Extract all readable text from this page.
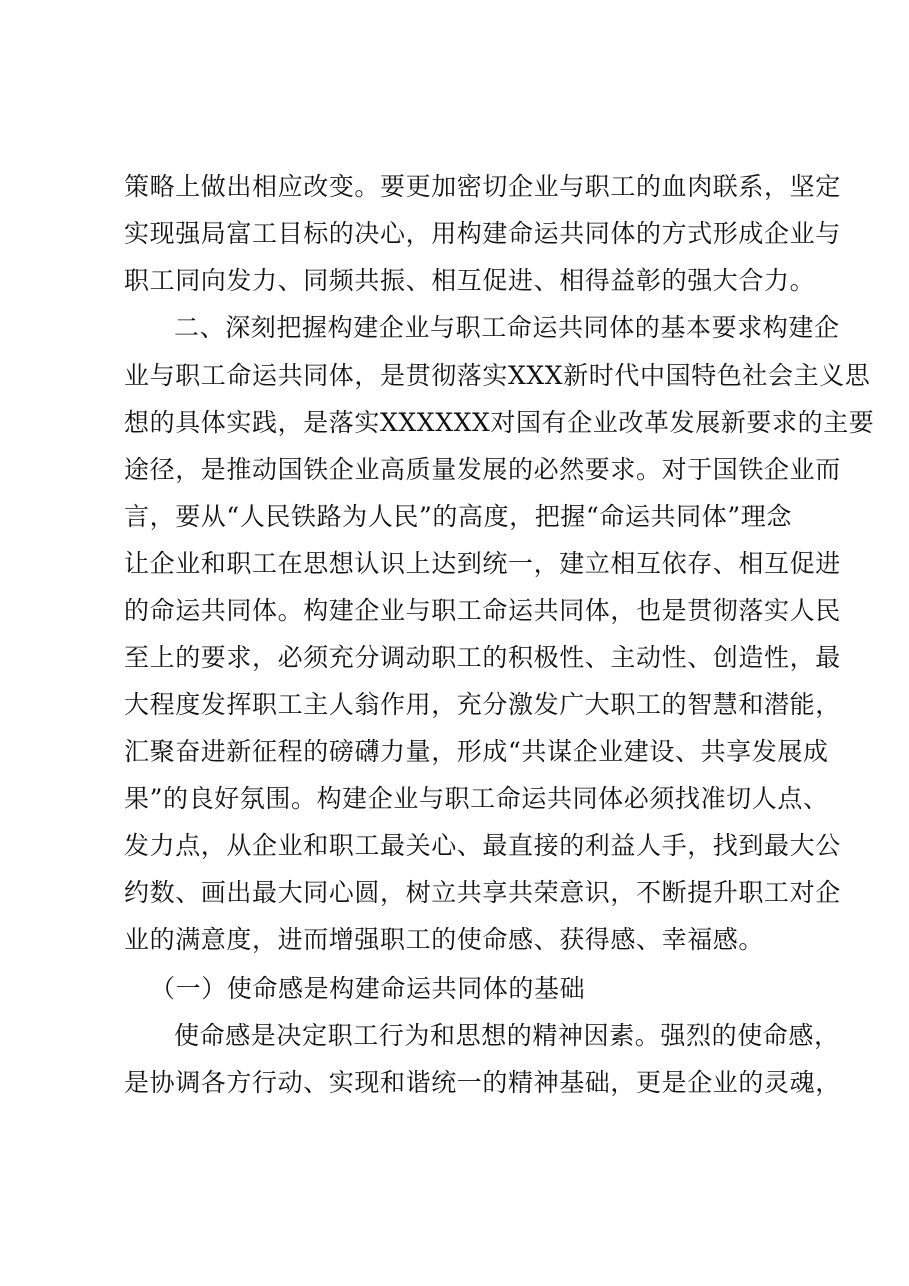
策略上做出相应改变。要更加密切企业与职工的血肉联系，坚定
实现强局富工目标的决心，用构建命运共同体的方式形成企业与
职工同向发力、同频共振、相互促进、相得益彰的强大合力。
二、深刻把握构建企业与职工命运共同体的基本要求构建企
业与职工命运共同体，是贯彻落实XXX新时代中国特色社会主义思
想的具体实践，是落实XXXXXX对国有企业改革发展新要求的主要
途径，是推动国铁企业高质量发展的必然要求。对于国铁企业而
言，要从“人民铁路为人民”的高度，把握“命运共同体”理念
让企业和职工在思想认识上达到统一，建立相互依存、相互促进
的命运共同体。构建企业与职工命运共同体，也是贯彻落实人民
至上的要求，必须充分调动职工的积极性、主动性、创造性，最
大程度发挥职工主人翁作用，充分激发广大职工的智慧和潜能，
汇聚奋进新征程的磅礴力量，形成“共谋企业建设、共享发展成
果”的良好氛围。构建企业与职工命运共同体必须找准切人点、
发力点，从企业和职工最关心、最直接的利益人手，找到最大公
约数、画出最大同心圆，树立共享共荣意识，不断提升职工对企
业的满意度，进而增强职工的使命感、获得感、幸福感。
（一）使命感是构建命运共同体的基础
使命感是决定职工行为和思想的精神因素。强烈的使命感，
是协调各方行动、实现和谐统一的精神基础，更是企业的灵魂，
